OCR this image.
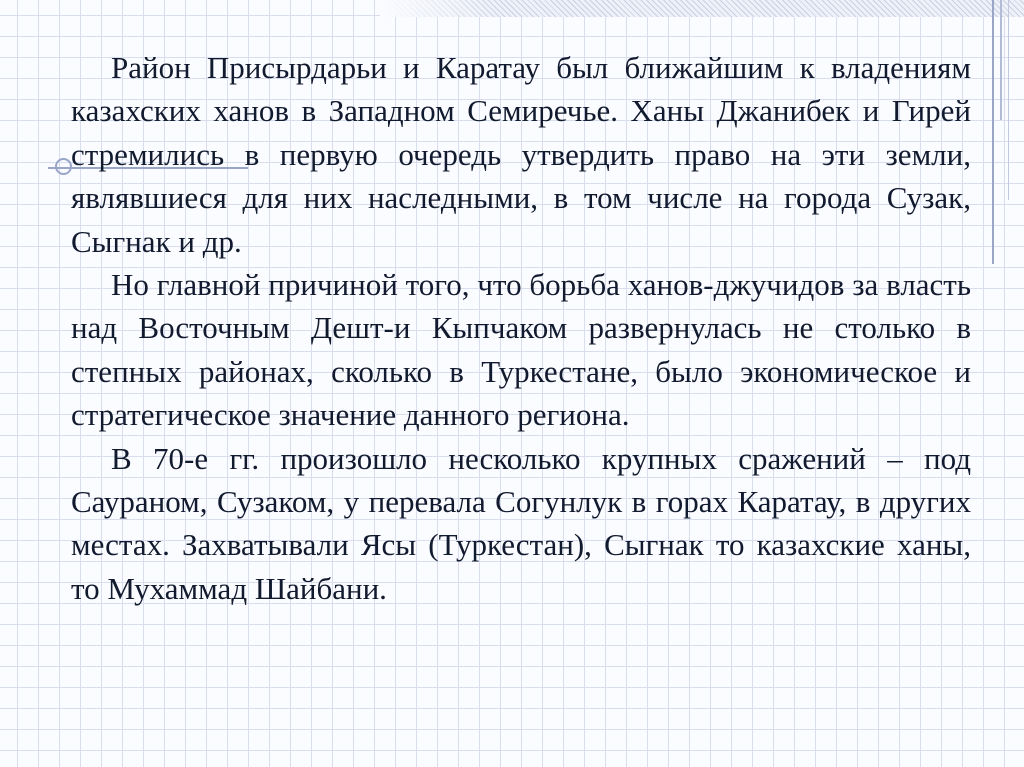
Район Присырдарьи и Каратау был ближайшим к владениям казахских ханов в Западном Семиречье. Ханы Джанибек и Гирей стремились в первую очередь утвердить право на эти земли, являвшиеся для них наследными, в том числе на города Сузак, Сыгнак и др.

Но главной причиной того, что борьба ханов-джучидов за власть над Восточным Дешт-и Кыпчаком развернулась не столько в степных районах, сколько в Туркестане, было экономическое и стратегическое значение данного региона.

В 70-е гг. произошло несколько крупных сражений – под Саураном, Сузаком, у перевала Согунлук в горах Каратау, в других местах. Захватывали Ясы (Туркестан), Сыгнак то казахские ханы, то Мухаммад Шайбани.
